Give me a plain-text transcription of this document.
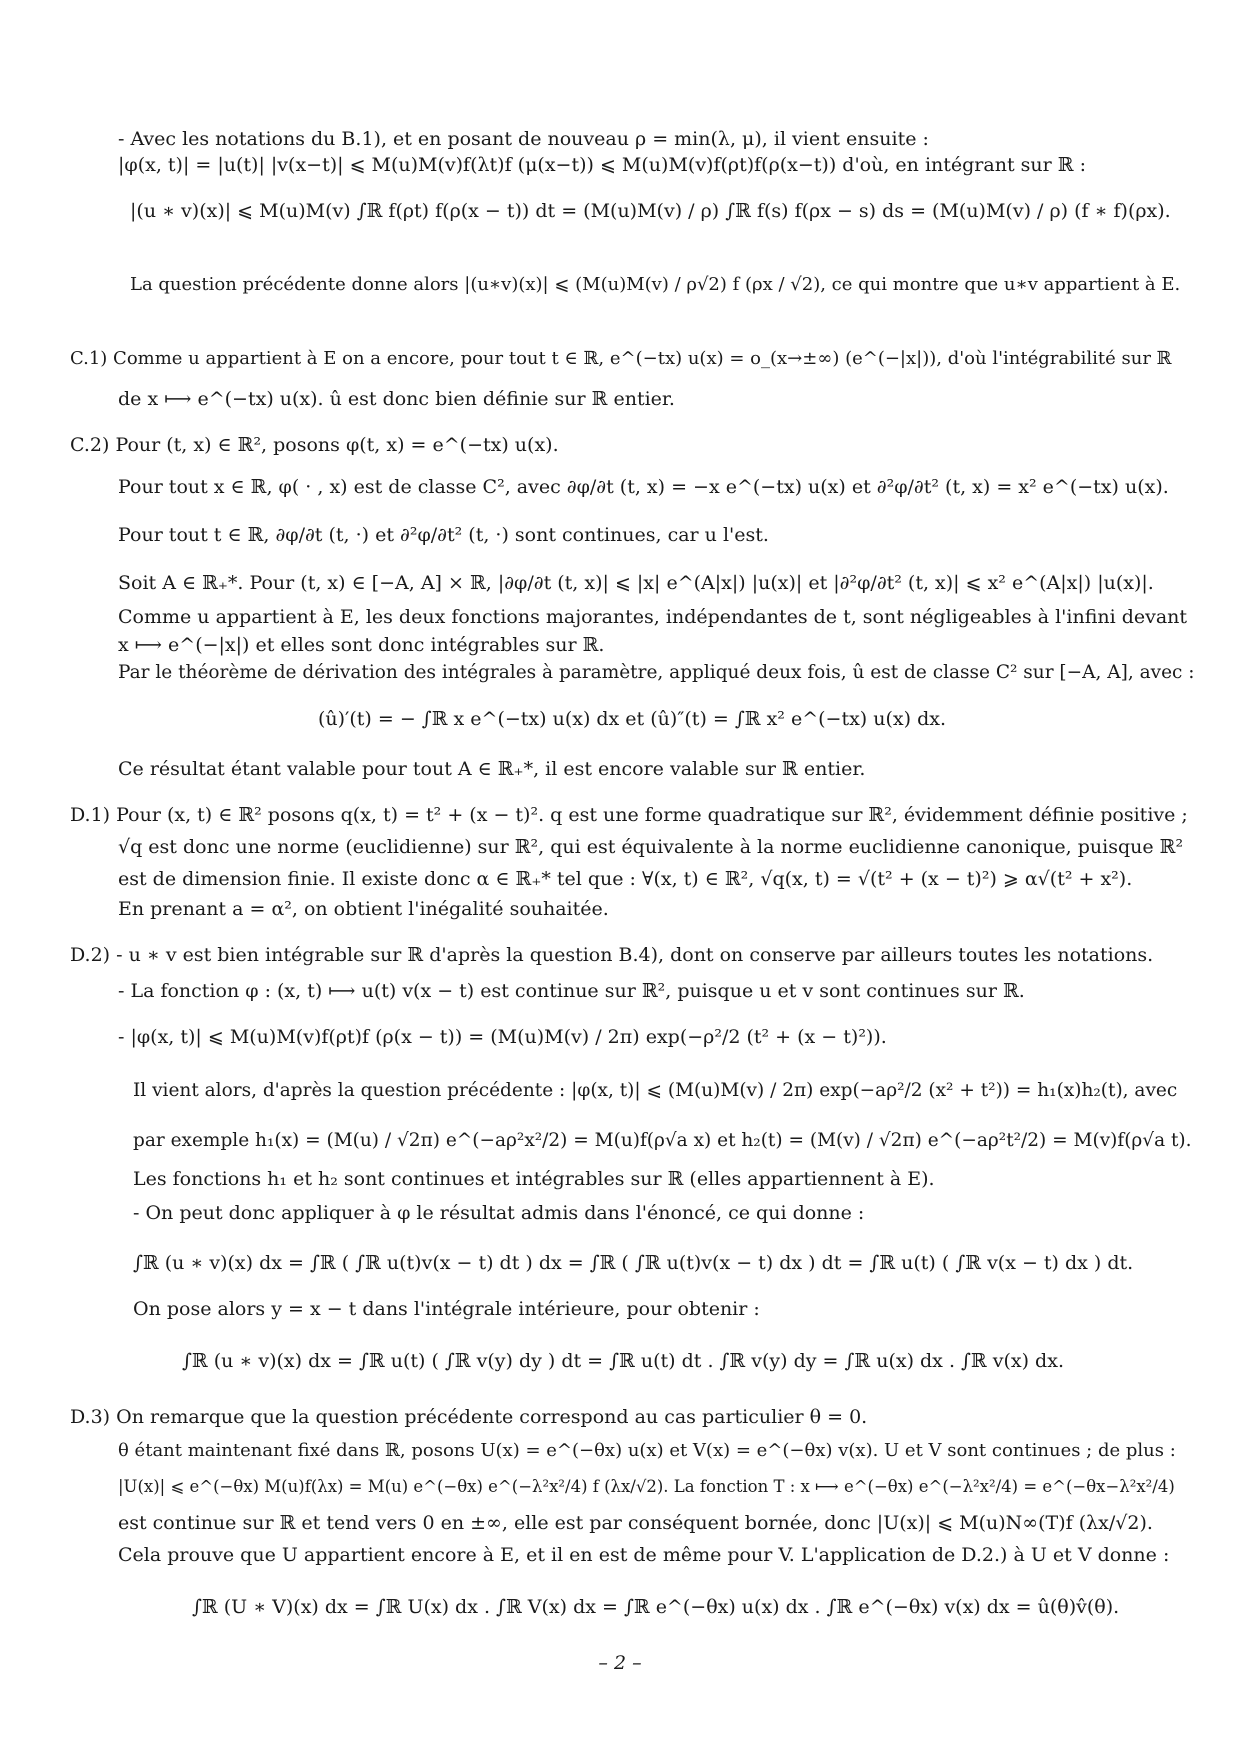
- Avec les notations du B.1), et en posant de nouveau ρ = min(λ, μ), il vient ensuite :
|φ(x, t)| = |u(t)| |v(x−t)| ⩽ M(u)M(v)f(λt)f (μ(x−t)) ⩽ M(u)M(v)f(ρt)f(ρ(x−t)) d'où, en intégrant sur ℝ :
|(u ∗ v)(x)| ⩽ M(u)M(v) ∫ℝ f(ρt) f(ρ(x − t)) dt = (M(u)M(v) / ρ) ∫ℝ f(s) f(ρx − s) ds = (M(u)M(v) / ρ) (f ∗ f)(ρx).
La question précédente donne alors |(u∗v)(x)| ⩽ (M(u)M(v) / ρ√2) f (ρx / √2), ce qui montre que u∗v appartient à E.
C.1) Comme u appartient à E on a encore, pour tout t ∈ ℝ, e^(−tx) u(x) = o_(x→±∞) (e^(−|x|)), d'où l'intégrabilité sur ℝ
de x ⟼ e^(−tx) u(x). û est donc bien définie sur ℝ entier.
C.2) Pour (t, x) ∈ ℝ², posons φ(t, x) = e^(−tx) u(x).
Pour tout x ∈ ℝ, φ( · , x) est de classe C², avec ∂φ/∂t (t, x) = −x e^(−tx) u(x) et ∂²φ/∂t² (t, x) = x² e^(−tx) u(x).
Pour tout t ∈ ℝ, ∂φ/∂t (t, ·) et ∂²φ/∂t² (t, ·) sont continues, car u l'est.
Soit A ∈ ℝ₊*. Pour (t, x) ∈ [−A, A] × ℝ, |∂φ/∂t (t, x)| ⩽ |x| e^(A|x|) |u(x)| et |∂²φ/∂t² (t, x)| ⩽ x² e^(A|x|) |u(x)|.
Comme u appartient à E, les deux fonctions majorantes, indépendantes de t, sont négligeables à l'infini devant
x ⟼ e^(−|x|) et elles sont donc intégrables sur ℝ.
Par le théorème de dérivation des intégrales à paramètre, appliqué deux fois, û est de classe C² sur [−A, A], avec :
(û)′(t) = − ∫ℝ x e^(−tx) u(x) dx et (û)″(t) = ∫ℝ x² e^(−tx) u(x) dx.
Ce résultat étant valable pour tout A ∈ ℝ₊*, il est encore valable sur ℝ entier.
D.1) Pour (x, t) ∈ ℝ² posons q(x, t) = t² + (x − t)². q est une forme quadratique sur ℝ², évidemment définie positive ;
√q est donc une norme (euclidienne) sur ℝ², qui est équivalente à la norme euclidienne canonique, puisque ℝ²
est de dimension finie. Il existe donc α ∈ ℝ₊* tel que : ∀(x, t) ∈ ℝ², √q(x, t) = √(t² + (x − t)²) ⩾ α√(t² + x²).
En prenant a = α², on obtient l'inégalité souhaitée.
D.2) - u ∗ v est bien intégrable sur ℝ d'après la question B.4), dont on conserve par ailleurs toutes les notations.
- La fonction φ : (x, t) ⟼ u(t) v(x − t) est continue sur ℝ², puisque u et v sont continues sur ℝ.
- |φ(x, t)| ⩽ M(u)M(v)f(ρt)f (ρ(x − t)) = (M(u)M(v) / 2π) exp(−ρ²/2 (t² + (x − t)²)).
Il vient alors, d'après la question précédente : |φ(x, t)| ⩽ (M(u)M(v) / 2π) exp(−aρ²/2 (x² + t²)) = h₁(x)h₂(t), avec
par exemple h₁(x) = (M(u) / √2π) e^(−aρ²x²/2) = M(u)f(ρ√a x) et h₂(t) = (M(v) / √2π) e^(−aρ²t²/2) = M(v)f(ρ√a t).
Les fonctions h₁ et h₂ sont continues et intégrables sur ℝ (elles appartiennent à E).
- On peut donc appliquer à φ le résultat admis dans l'énoncé, ce qui donne :
∫ℝ (u ∗ v)(x) dx = ∫ℝ ( ∫ℝ u(t)v(x − t) dt ) dx = ∫ℝ ( ∫ℝ u(t)v(x − t) dx ) dt = ∫ℝ u(t) ( ∫ℝ v(x − t) dx ) dt.
On pose alors y = x − t dans l'intégrale intérieure, pour obtenir :
∫ℝ (u ∗ v)(x) dx = ∫ℝ u(t) ( ∫ℝ v(y) dy ) dt = ∫ℝ u(t) dt . ∫ℝ v(y) dy = ∫ℝ u(x) dx . ∫ℝ v(x) dx.
D.3) On remarque que la question précédente correspond au cas particulier θ = 0.
θ étant maintenant fixé dans ℝ, posons U(x) = e^(−θx) u(x) et V(x) = e^(−θx) v(x). U et V sont continues ; de plus :
|U(x)| ⩽ e^(−θx) M(u)f(λx) = M(u) e^(−θx) e^(−λ²x²/4) f (λx/√2). La fonction T : x ⟼ e^(−θx) e^(−λ²x²/4) = e^(−θx−λ²x²/4)
est continue sur ℝ et tend vers 0 en ±∞, elle est par conséquent bornée, donc |U(x)| ⩽ M(u)N∞(T)f (λx/√2).
Cela prouve que U appartient encore à E, et il en est de même pour V. L'application de D.2.) à U et V donne :
∫ℝ (U ∗ V)(x) dx = ∫ℝ U(x) dx . ∫ℝ V(x) dx = ∫ℝ e^(−θx) u(x) dx . ∫ℝ e^(−θx) v(x) dx = û(θ)v̂(θ).
– 2 –
